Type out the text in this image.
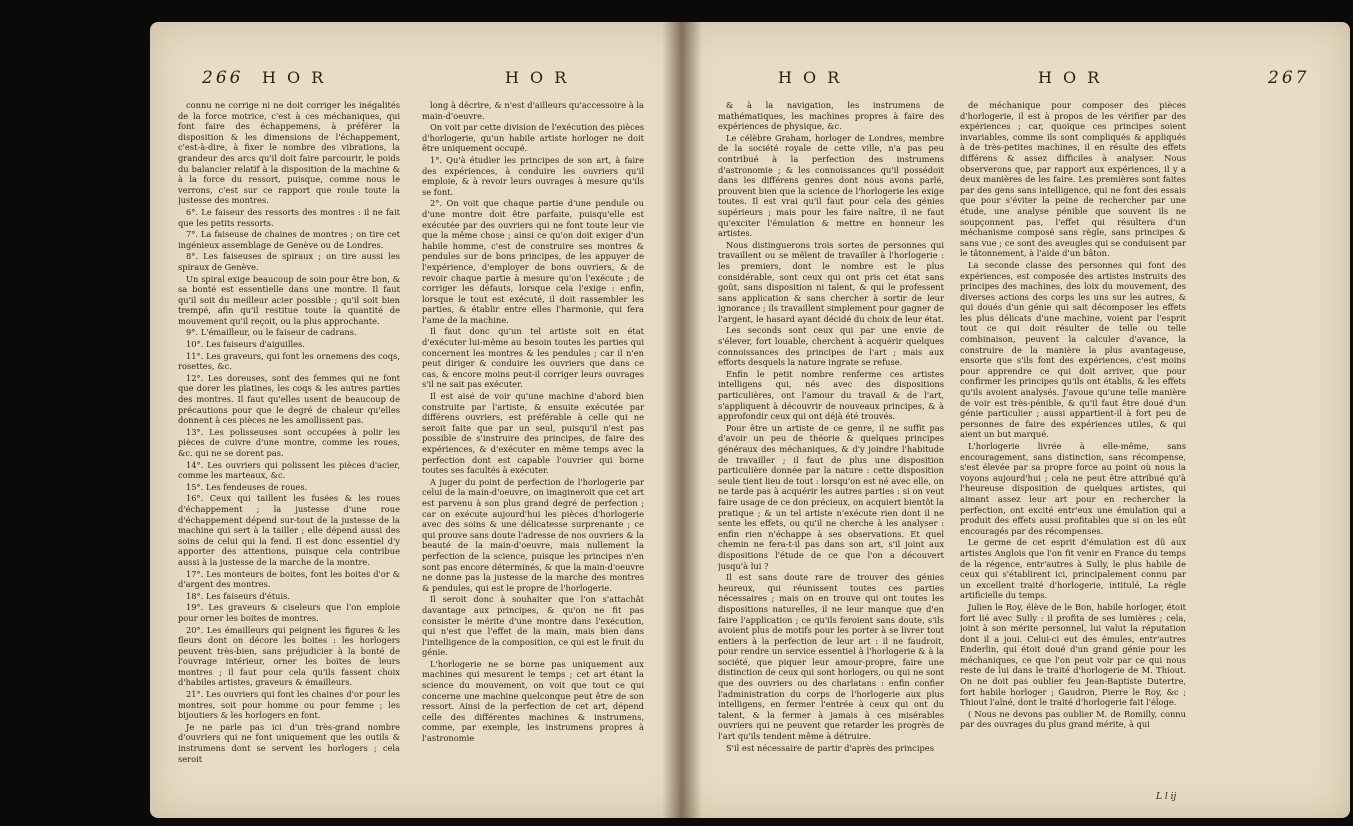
266 H O R	H O R

connu ne corrige ni ne doit corriger les inégalités de la force motrice, c'est à ces méchaniques, qui font faire des échappemens, à préférer la disposition & les dimensions de l'échappement, c'est-à-dire, à fixer le nombre des vibrations, la grandeur des arcs qu'il doit faire parcourir, le poids du balancier relatif à la disposition de la machine & à la force du ressort, puisque, comme nous le verrons, c'est sur ce rapport que roule toute la justesse des montres.

6°. Le faiseur des ressorts des montres : il ne fait que les petits ressorts.

7°. La faiseuse de chaines de montres ; on tire cet ingénieux assemblage de Genève ou de Londres.

8°. Les faiseuses de spiraux ; on tire aussi les spiraux de Genève.

Un spiral exige beaucoup de soin pour être bon, & sa bonté est essentielle dans une montre. Il faut qu'il soit du meilleur acier possible ; qu'il soit bien trempé, afin qu'il restitue toute la quantité de mouvement qu'il reçoit, ou la plus approchante.

9°. L'émailleur, ou le faiseur de cadrans.

10°. Les faiseurs d'aiguilles.

11°. Les graveurs, qui font les ornemens des coqs, rosettes, &c.

12°. Les doreuses, sont des femmes qui ne font que dorer les platines, les coqs & les autres parties des montres. Il faut qu'elles usent de beaucoup de précautions pour que le degré de chaleur qu'elles donnent à ces pièces ne les amollissent pas.

13°. Les polisseuses sont occupées à polir les pièces de cuivre d'une montre, comme les roues, &c. qui ne se dorent pas.

14°. Les ouvriers qui polissent les pièces d'acier, comme les marteaux, &c.

15°. Les fendeuses de roues.

16°. Ceux qui taillent les fusées & les roues d'échappement ; la justesse d'une roue d'échappement dépend sur-tout de la justesse de la machine qui sert à la tailler ; elle dépend aussi des soins de celui qui la fend. Il est donc essentiel d'y apporter des attentions, puisque cela contribue aussi à la justesse de la marche de la montre.

17°. Les monteurs de boites, font les boites d'or & d'argent des montres.

18°. Les faiseurs d'étuis.

19°. Les graveurs & ciseleurs que l'on emploie pour orner les boites de montres.

20°. Les émailleurs qui peignent les figures & les fleurs dont on décore les boites : les horlogers peuvent très-bien, sans préjudicier à la bonté de l'ouvrage intérieur, orner les boites de leurs montres ; il faut pour cela qu'ils fassent choix d'habiles artistes, graveurs & émailleurs.

21°. Les ouvriers qui font les chaines d'or pour les montres, soit pour homme ou pour femme ; les bijoutiers & les horlogers en font.

Je ne parle pas ici d'un très-grand nombre d'ouvriers qui ne font uniquement que les outils & instrumens dont se servent les horlogers ; cela seroit

long à décrire, & n'est d'ailleurs qu'accessoire à la main-d'oeuvre.

On voit par cette division de l'exécution des pièces d'horlogerie, qu'un habile artiste horloger ne doit être uniquement occupé.

1°. Qu'à étudier les principes de son art, à faire des expériences, à conduire les ouvriers qu'il emploie, & à revoir leurs ouvrages à mesure qu'ils se font.

2°. On voit que chaque partie d'une pendule ou d'une montre doit être parfaite, puisqu'elle est exécutée par des ouvriers qui ne font toute leur vie que la même chose ; ainsi ce qu'on doit exiger d'un habile homme, c'est de construire ses montres & pendules sur de bons principes, de les appuyer de l'expérience, d'employer de bons ouvriers, & de revoir chaque partie à mesure qu'on l'exécute ; de corriger les défauts, lorsque cela l'exige : enfin, lorsque le tout est exécuté, il doit rassembler les parties, & établir entre elles l'harmonie, qui fera l'ame de la machine.

Il faut donc qu'un tel artiste soit en état d'exécuter lui-même au besoin toutes les parties qui concernent les montres & les pendules ; car il n'en peut diriger & conduire les ouvriers que dans ce cas, & encore moins peut-il corriger leurs ouvrages s'il ne sait pas exécuter.

Il est aisé de voir qu'une machine d'abord bien construite par l'artiste, & ensuite exécutée par différens ouvriers, est préférable à celle qui ne seroit faite que par un seul, puisqu'il n'est pas possible de s'instruire des principes, de faire des expériences, & d'exécuter en même temps avec la perfection dont est capable l'ouvrier qui borne toutes ses facultés à exécuter.

A juger du point de perfection de l'horlogerie par celui de la main-d'oeuvre, on imagineroit que cet art est parvenu à son plus grand degré de perfection ; car on exécute aujourd'hui les pièces d'horlogerie avec des soins & une délicatesse surprenante ; ce qui prouve sans doute l'adresse de nos ouvriers & la beauté de la main-d'oeuvre, mais nullement la perfection de la science, puisque les principes n'en sont pas encore déterminés, & que la main-d'oeuvre ne donne pas la justesse de la marche des montres & pendules, qui est le propre de l'horlogerie.

Il seroit donc à souhaiter que l'on s'attachât davantage aux principes, & qu'on ne fit pas consister le mérite d'une montre dans l'exécution, qui n'est que l'effet de la main, mais bien dans l'intelligence de la composition, ce qui est le fruit du génie.

L'horlogerie ne se borne pas uniquement aux machines qui mesurent le temps ; cet art étant la science du mouvement, on voit que tout ce qui concerne une machine quelconque peut être de son ressort. Ainsi de la perfection de cet art, dépend celle des différentes machines & instrumens, comme, par exemple, les instrumens propres à l'astronomie

H O R	H O R	267

& à la navigation, les instrumens de mathématiques, les machines propres à faire des expériences de physique, &c.

Le célèbre Graham, horloger de Londres, membre de la société royale de cette ville, n'a pas peu contribué à la perfection des instrumens d'astronomie ; & les connoissances qu'il possédoit dans les différens genres dont nous avons parlé, prouvent bien que la science de l'horlogerie les exige toutes. Il est vrai qu'il faut pour cela des génies supérieurs ; mais pour les faire naître, il ne faut qu'exciter l'émulation & mettre en honneur les artistes.

Nous distinguerons trois sortes de personnes qui travaillent ou se mêlent de travailler à l'horlogerie : les premiers, dont le nombre est le plus considérable, sont ceux qui ont pris cet état sans goût, sans disposition ni talent, & qui le professent sans application & sans chercher à sortir de leur ignorance ; ils travaillent simplement pour gagner de l'argent, le hasard ayant décidé du choix de leur état.

Les seconds sont ceux qui par une envie de s'élever, fort louable, cherchent à acquérir quelques connoissances des principes de l'art ; mais aux efforts desquels la nature ingrate se refuse.

Enfin le petit nombre renferme ces artistes intelligens qui, nés avec des dispositions particulières, ont l'amour du travail & de l'art, s'appliquent à découvrir de nouveaux principes, & à approfondir ceux qui ont déjà été trouvés.

Pour être un artiste de ce genre, il ne suffit pas d'avoir un peu de théorie & quelques principes généraux des méchaniques, & d'y joindre l'habitude de travailler ; il faut de plus une disposition particulière donnée par la nature : cette disposition seule tient lieu de tout : lorsqu'on est né avec elle, on ne tarde pas à acquérir les autres parties : si on veut faire usage de ce don précieux, on acquiert bientôt la pratique ; & un tel artiste n'exécute rien dont il ne sente les effets, ou qu'il ne cherche à les analyser : enfin rien n'échappe à ses observations. Et quel chemin ne fera-t-il pas dans son art, s'il joint aux dispositions l'étude de ce que l'on a découvert jusqu'à lui ?

Il est sans doute rare de trouver des génies heureux, qui réunissent toutes ces parties nécessaires ; mais on en trouve qui ont toutes les dispositions naturelles, il ne leur manque que d'en faire l'application ; ce qu'ils feroient sans doute, s'ils avoient plus de motifs pour les porter à se livrer tout entiers à la perfection de leur art : il ne faudroit, pour rendre un service essentiel à l'horlogerie & à la société, que piquer leur amour-propre, faire une distinction de ceux qui sont horlogers, ou qui ne sont que des ouvriers ou des charlatans : enfin confier l'administration du corps de l'horlogerie aux plus intelligens, en fermer l'entrée à ceux qui ont du talent, & la fermer à jamais à ces misérables ouvriers qui ne peuvent que retarder les progrès de l'art qu'ils tendent même à détruire.

S'il est nécessaire de partir d'après des principes

de méchanique pour composer des pièces d'horlogerie, il est à propos de les vérifier par des expériences ; car, quoique ces principes soient invariables, comme ils sont compliqués & appliqués à de très-petites machines, il en résulte des effets différens & assez difficiles à analyser. Nous observerons que, par rapport aux expériences, il y a deux manières de les faire. Les premières sont faites par des gens sans intelligence, qui ne font des essais que pour s'éviter la peine de rechercher par une étude, une analyse pénible que souvent ils ne soupçonnent pas, l'effet qui résultera d'un méchanisme composé sans règle, sans principes & sans vue ; ce sont des aveugles qui se conduisent par le tâtonnement, à l'aide d'un bâton.

La seconde classe des personnes qui font des expériences, est composée des artistes instruits des principes des machines, des loix du mouvement, des diverses actions des corps les uns sur les autres, & qui doués d'un génie qui sait décomposer les effets les plus délicats d'une machine, voient par l'esprit tout ce qui doit résulter de telle ou telle combinaison, peuvent la calculer d'avance, la construire de la manière la plus avantageuse, ensorte que s'ils font des expériences, c'est moins pour apprendre ce qui doit arriver, que pour confirmer les principes qu'ils ont établis, & les effets qu'ils avoient analysés. J'avoue qu'une telle manière de voir est très-pénible, & qu'il faut être doué d'un génie particulier ; aussi appartient-il à fort peu de personnes de faire des expériences utiles, & qui aient un but marqué.

L'horlogerie livrée à elle-même, sans encouragement, sans distinction, sans récompense, s'est élevée par sa propre force au point où nous la voyons aujourd'hui ; cela ne peut être attribué qu'à l'heureuse disposition de quelques artistes, qui aimant assez leur art pour en rechercher la perfection, ont excité entr'eux une émulation qui a produit des effets aussi profitables que si on les eût encouragés par des récompenses.

Le germe de cet esprit d'émulation est dû aux artistes Anglois que l'on fit venir en France du temps de la régence, entr'autres à Sully, le plus habile de ceux qui s'établirent ici, principalement connu par un excellent traité d'horlogerie, intitulé, La règle artificielle du temps.

Julien le Roy, élève de le Bon, habile horloger, étoit fort lié avec Sully : il profita de ses lumières ; cela, joint à son mérite personnel, lui valut la réputation dont il a joui. Celui-ci eut des émules, entr'autres Enderlin, qui étoit doué d'un grand génie pour les méchaniques, ce que l'on peut voir par ce qui nous reste de lui dans le traité d'horlogerie de M. Thiout. On ne doit pas oublier feu Jean-Baptiste Dutertre, fort habile horloger ; Gaudron, Pierre le Roy, &c ; Thiout l'aîné, dont le traité d'horlogerie fait l'éloge.

( Nous ne devons pas oublier M. de Romilly, connu par des ouvrages du plus grand mérite, à qui

L l ij
